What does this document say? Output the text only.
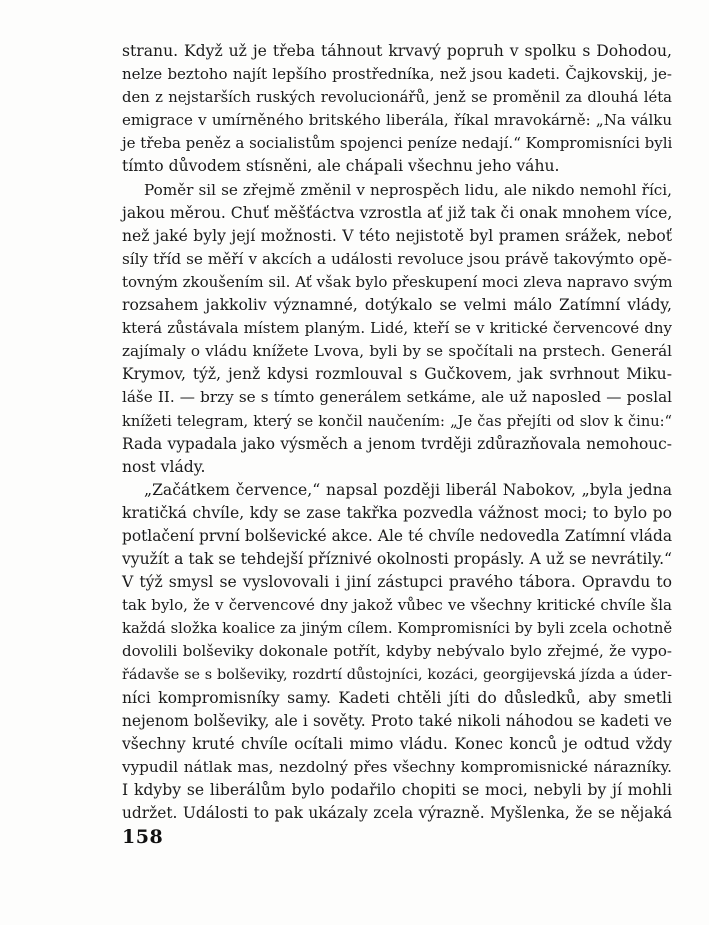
stranu. Když už je třeba táhnout krvavý popruh v spolku s Dohodou,
nelze beztoho najít lepšího prostředníka, než jsou kadeti. Čajkovskij, je-
den z nejstarších ruských revolucionářů, jenž se proměnil za dlouhá léta
emigrace v umírněného britského liberála, říkal mravokárně: „Na válku
je třeba peněz a socialistům spojenci peníze nedají.“ Kompromisníci byli
tímto důvodem stísněni, ale chápali všechnu jeho váhu.
Poměr sil se zřejmě změnil v neprospěch lidu, ale nikdo nemohl říci,
jakou měrou. Chuť měšťáctva vzrostla ať již tak či onak mnohem více,
než jaké byly její možnosti. V této nejistotě byl pramen srážek, neboť
síly tříd se měří v akcích a události revoluce jsou právě takovýmto opě-
tovným zkoušením sil. Ať však bylo přeskupení moci zleva napravo svým
rozsahem jakkoliv významné, dotýkalo se velmi málo Zatímní vlády,
která zůstávala místem planým. Lidé, kteří se v kritické červencové dny
zajímaly o vládu knížete Lvova, byli by se spočítali na prstech. Generál
Krymov, týž, jenž kdysi rozmlouval s Gučkovem, jak svrhnout Miku-
láše II. — brzy se s tímto generálem setkáme, ale už naposled — poslal
knížeti telegram, který se končil naučením: „Je čas přejíti od slov k činu:“
Rada vypadala jako výsměch a jenom tvrději zdůrazňovala nemohouc-
nost vlády.
„Začátkem července,“ napsal později liberál Nabokov, „byla jedna
kratičká chvíle, kdy se zase takřka pozvedla vážnost moci; to bylo po
potlačení první bolševické akce. Ale té chvíle nedovedla Zatímní vláda
využít a tak se tehdejší příznivé okolnosti propásly. A už se nevrátily.“
V týž smysl se vyslovovali i jiní zástupci pravého tábora. Opravdu to
tak bylo, že v červencové dny jakož vůbec ve všechny kritické chvíle šla
každá složka koalice za jiným cílem. Kompromisníci by byli zcela ochotně
dovolili bolševiky dokonale potřít, kdyby nebývalo bylo zřejmé, že vypo-
řádavše se s bolševiky, rozdrtí důstojníci, kozáci, georgijevská jízda a úder-
níci kompromisníky samy. Kadeti chtěli jíti do důsledků, aby smetli
nejenom bolševiky, ale i sověty. Proto také nikoli náhodou se kadeti ve
všechny kruté chvíle ocítali mimo vládu. Konec konců je odtud vždy
vypudil nátlak mas, nezdolný přes všechny kompromisnické nárazníky.
I kdyby se liberálům bylo podařilo chopiti se moci, nebyli by jí mohli
udržet. Události to pak ukázaly zcela výrazně. Myšlenka, že se nějaká
158
